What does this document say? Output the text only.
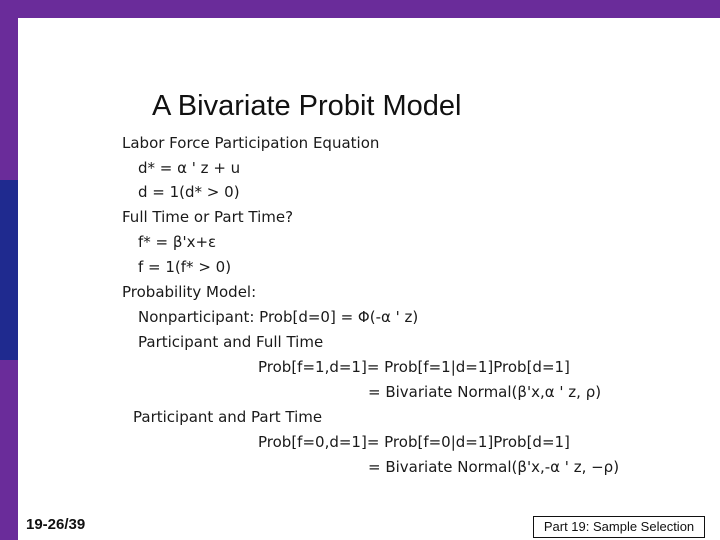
A Bivariate Probit Model
Labor Force Participation Equation
d* = α ' z + u
d = 1(d* > 0)
Full Time or Part Time?
f* = β'x+ε
f = 1(f* > 0)
Probability Model:
Nonparticipant: Prob[d=0] = Φ(-α ' z)
Participant and Full Time
Prob[f=1,d=1]= Prob[f=1|d=1]Prob[d=1]
= Bivariate Normal(β'x,α ' z, ρ)
Participant and Part Time
Prob[f=0,d=1]= Prob[f=0|d=1]Prob[d=1]
= Bivariate Normal(β'x,-α ' z, −ρ)
19-26/39	Part 19: Sample Selection
